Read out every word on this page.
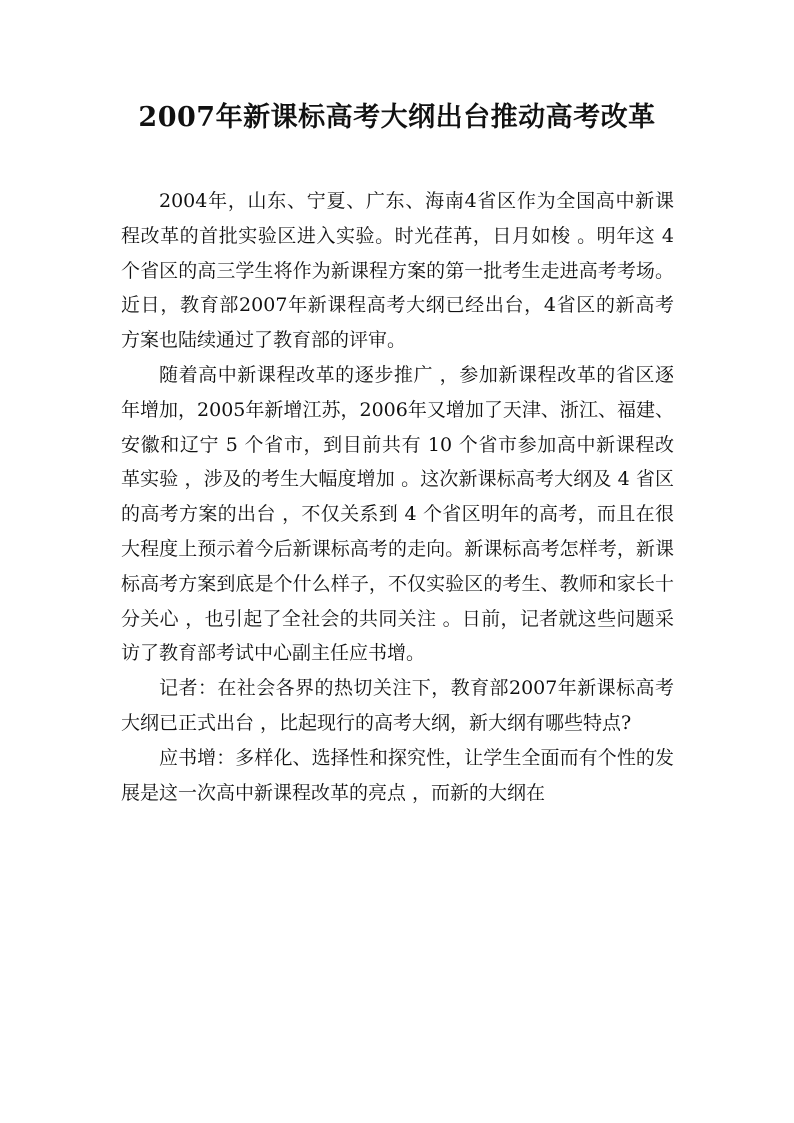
2007年新课标高考大纲出台推动高考改革

2004年，山东、宁夏、广东、海南4省区作为全国高中新课程改革的首批实验区进入实验。时光荏苒，日月如梭 。明年这 4 个省区的高三学生将作为新课程方案的第一批考生走进高考考场。近日，教育部2007年新课程高考大纲已经出台，4省区的新高考方案也陆续通过了教育部的评审。

随着高中新课程改革的逐步推广 ，参加新课程改革的省区逐年增加，2005年新增江苏，2006年又增加了天津、浙江、福建、安徽和辽宁 5 个省市，到目前共有 10 个省市参加高中新课程改革实验 ，涉及的考生大幅度增加 。这次新课标高考大纲及 4 省区的高考方案的出台 ，不仅关系到 4 个省区明年的高考，而且在很大程度上预示着今后新课标高考的走向。新课标高考怎样考，新课标高考方案到底是个什么样子，不仅实验区的考生、教师和家长十分关心 ，也引起了全社会的共同关注 。日前，记者就这些问题采访了教育部考试中心副主任应书增。

记者：在社会各界的热切关注下，教育部2007年新课标高考大纲已正式出台 ，比起现行的高考大纲，新大纲有哪些特点?

应书增：多样化、选择性和探究性，让学生全面而有个性的发展是这一次高中新课程改革的亮点 ，而新的大纲在
